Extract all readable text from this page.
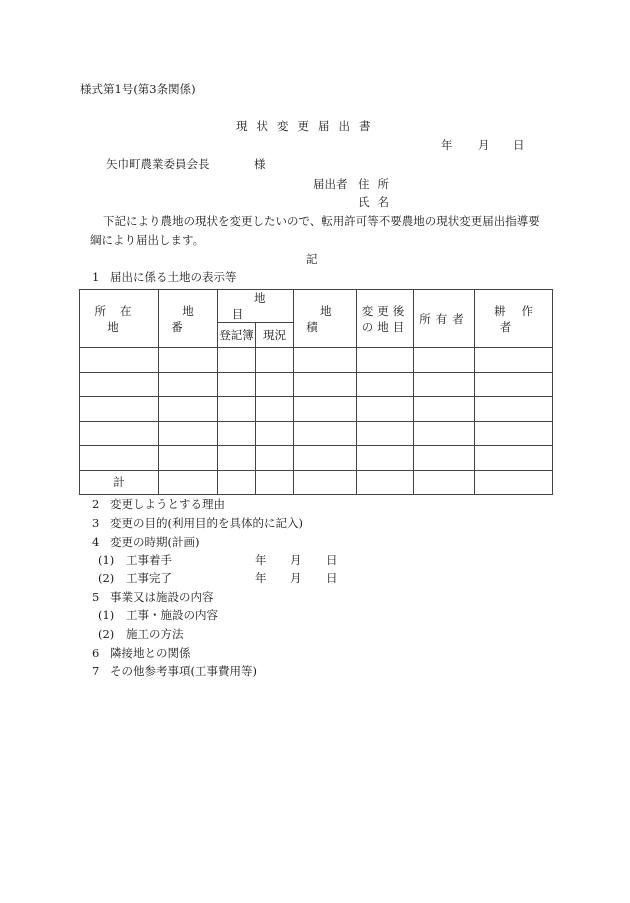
様式第1号(第3条関係)
現状変更届出書
年 月 日
矢巾町農業委員会長	様
届出者 住所
氏名
下記により農地の現状を変更したいので、転用許可等不要農地の現状変更届出指導要
綱により届出します。
記
1 届出に係る土地の表示等
所在地	地番	地目		地積	変更後
の地目	所有者	耕作者
		登記簿	現況				

計							
2 変更しようとする理由
3 変更の目的(利用目的を具体的に記入)
4 変更の時期(計画)
(1) 工事着手	年 月 日
(2) 工事完了	年 月 日
5 事業又は施設の内容
(1) 工事・施設の内容
(2) 施工の方法
6 隣接地との関係
7 その他参考事項(工事費用等)
